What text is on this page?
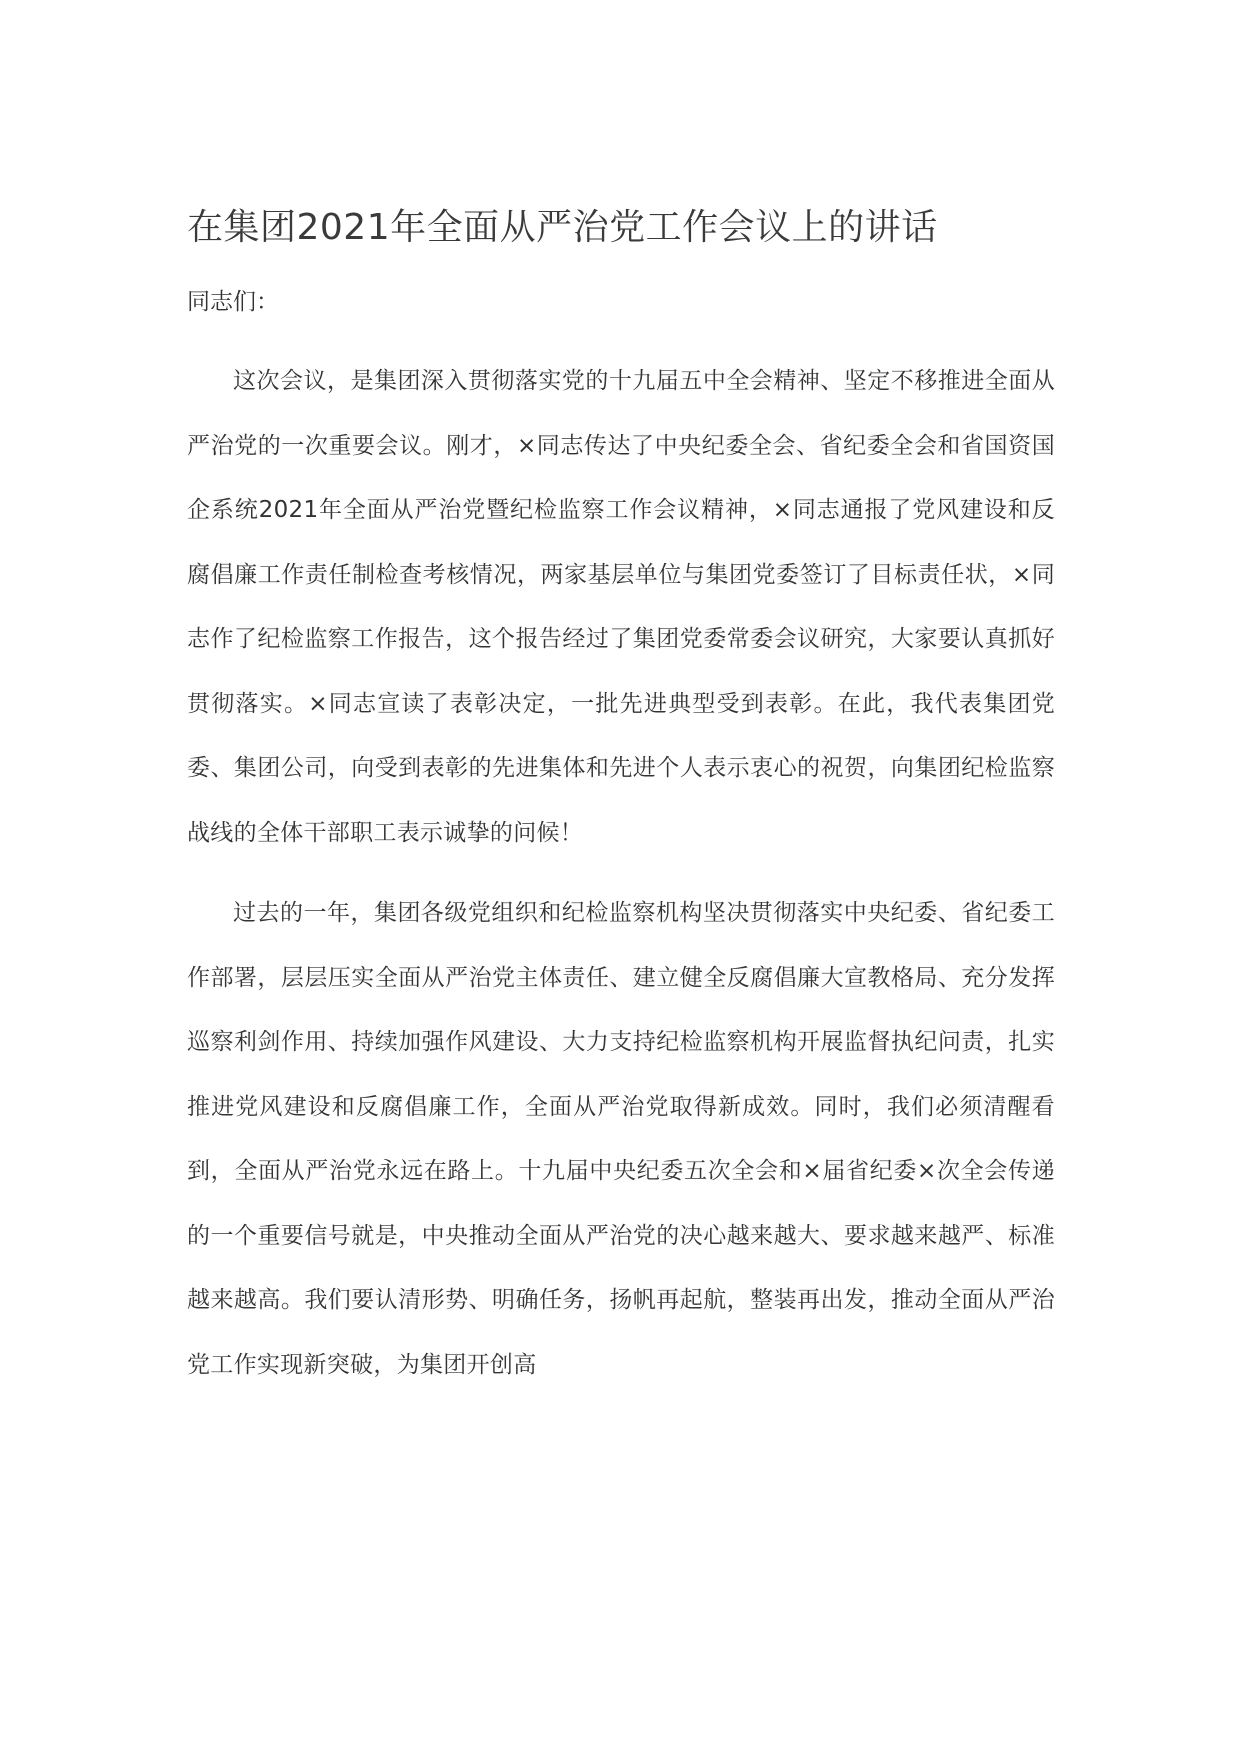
在集团2021年全面从严治党工作会议上的讲话

同志们：

这次会议，是集团深入贯彻落实党的十九届五中全会精神、坚定不移推进全面从严治党的一次重要会议。刚才，×同志传达了中央纪委全会、省纪委全会和省国资国企系统2021年全面从严治党暨纪检监察工作会议精神，×同志通报了党风建设和反腐倡廉工作责任制检查考核情况，两家基层单位与集团党委签订了目标责任状，×同志作了纪检监察工作报告，这个报告经过了集团党委常委会议研究，大家要认真抓好贯彻落实。×同志宣读了表彰决定，一批先进典型受到表彰。在此，我代表集团党委、集团公司，向受到表彰的先进集体和先进个人表示衷心的祝贺，向集团纪检监察战线的全体干部职工表示诚挚的问候！

过去的一年，集团各级党组织和纪检监察机构坚决贯彻落实中央纪委、省纪委工作部署，层层压实全面从严治党主体责任、建立健全反腐倡廉大宣教格局、充分发挥巡察利剑作用、持续加强作风建设、大力支持纪检监察机构开展监督执纪问责，扎实推进党风建设和反腐倡廉工作，全面从严治党取得新成效。同时，我们必须清醒看到，全面从严治党永远在路上。十九届中央纪委五次全会和×届省纪委×次全会传递的一个重要信号就是，中央推动全面从严治党的决心越来越大、要求越来越严、标准越来越高。我们要认清形势、明确任务，扬帆再起航，整装再出发，推动全面从严治党工作实现新突破，为集团开创高
